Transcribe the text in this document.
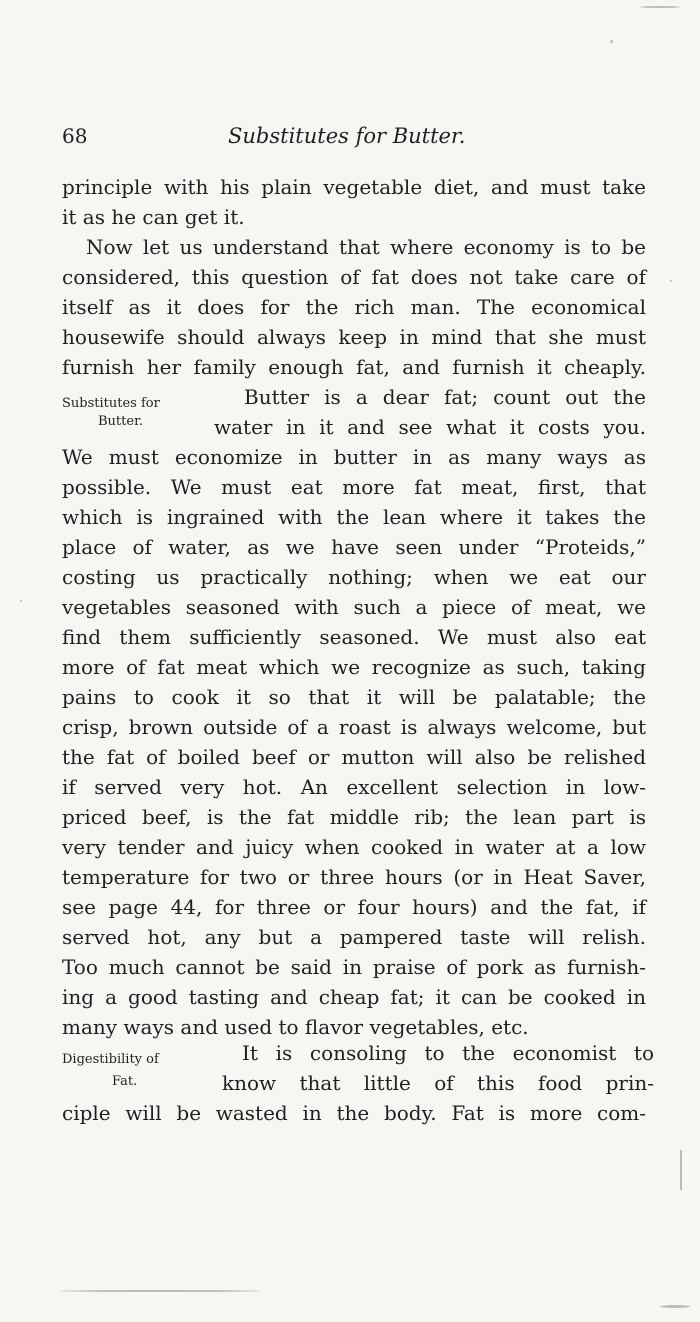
68	Substitutes for Butter.
principle with his plain vegetable diet, and must take
it as he can get it.
Now let us understand that where economy is to be
considered, this question of fat does not take care of
itself as it does for the rich man. The economical
housewife should always keep in mind that she must
furnish her family enough fat, and furnish it cheaply.
Substitutes for
Butter.
Butter is a dear fat; count out the
water in it and see what it costs you.
We must economize in butter in as many ways as
possible. We must eat more fat meat, first, that
which is ingrained with the lean where it takes the
place of water, as we have seen under “Proteids,”
costing us practically nothing; when we eat our
vegetables seasoned with such a piece of meat, we
find them sufficiently seasoned. We must also eat
more of fat meat which we recognize as such, taking
pains to cook it so that it will be palatable; the
crisp, brown outside of a roast is always welcome, but
the fat of boiled beef or mutton will also be relished
if served very hot. An excellent selection in low-
priced beef, is the fat middle rib; the lean part is
very tender and juicy when cooked in water at a low
temperature for two or three hours (or in Heat Saver,
see page 44, for three or four hours) and the fat, if
served hot, any but a pampered taste will relish.
Too much cannot be said in praise of pork as furnish-
ing a good tasting and cheap fat; it can be cooked in
many ways and used to flavor vegetables, etc.
Digestibility of
Fat.
It is consoling to the economist to
know that little of this food prin-
ciple will be wasted in the body. Fat is more com-
